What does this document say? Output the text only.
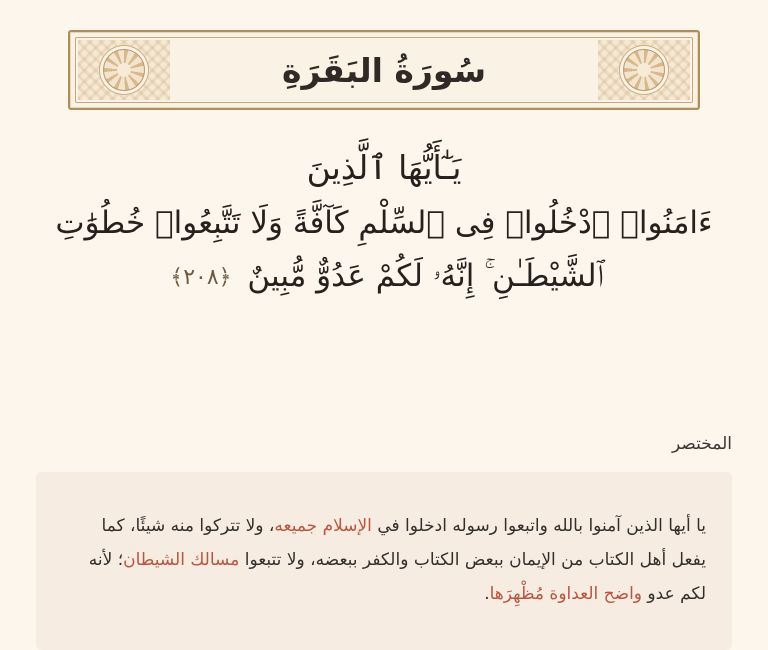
سُورَةُ البَقَرَةِ
يَـٰٓأَيُّهَا ٱلَّذِينَ
ءَامَنُوا۟ ٱدْخُلُوا۟ فِى ٱلسِّلْمِ كَآفَّةً وَلَا تَتَّبِعُوا۟ خُطُوَٰتِ
ٱلشَّيْطَـٰنِ ۚ إِنَّهُۥ لَكُمْ عَدُوٌّ مُّبِينٌ ﴿٢٠٨﴾
المختصر

يا أيها الذين آمنوا بالله واتبعوا رسوله ادخلوا في الإسلام جميعه، ولا تتركوا منه شيئًا، كما يفعل أهل الكتاب من الإيمان ببعض الكتاب والكفر ببعضه، ولا تتبعوا مسالك الشيطان؛ لأنه لكم عدو واضح العداوة مُظْهِرَها.
